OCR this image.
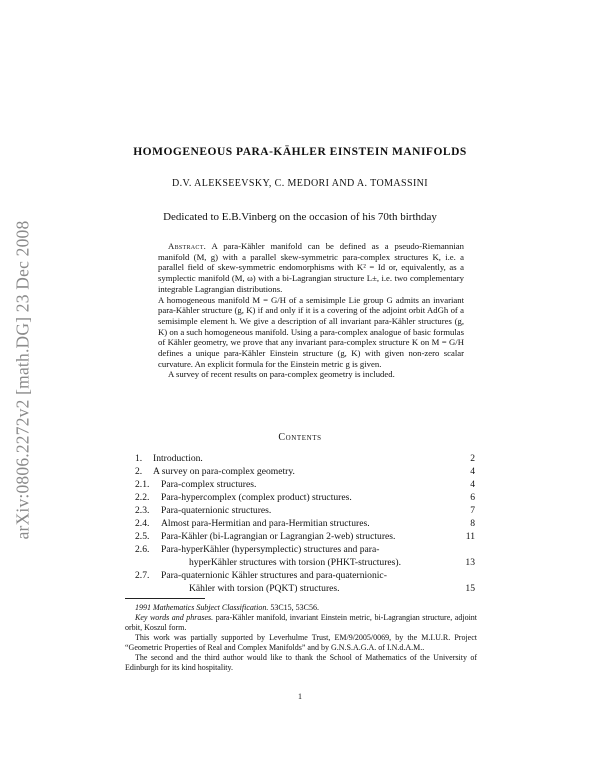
arXiv:0806.2272v2 [math.DG] 23 Dec 2008
HOMOGENEOUS PARA-KÄHLER EINSTEIN MANIFOLDS
D.V. ALEKSEEVSKY, C. MEDORI AND A. TOMASSINI
Dedicated to E.B.Vinberg on the occasion of his 70th birthday

Abstract. A para-Kähler manifold can be defined as a pseudo-Riemannian manifold (M, g) with a parallel skew-symmetric para-complex structures K, i.e. a parallel field of skew-symmetric endomorphisms with K² = Id or, equivalently, as a symplectic manifold (M, ω) with a bi-Lagrangian structure L±, i.e. two complementary integrable Lagrangian distributions.

A homogeneous manifold M = G/H of a semisimple Lie group G admits an invariant para-Kähler structure (g, K) if and only if it is a covering of the adjoint orbit AdGh of a semisimple element h. We give a description of all invariant para-Kähler structures (g, K) on a such homogeneous manifold. Using a para-complex analogue of basic formulas of Kähler geometry, we prove that any invariant para-complex structure K on M = G/H defines a unique para-Kähler Einstein structure (g, K) with given non-zero scalar curvature. An explicit formula for the Einstein metric g is given.

A survey of recent results on para-complex geometry is included.

Contents
1.	Introduction.	2
2.	A survey on para-complex geometry.	4
2.1.	Para-complex structures.	4
2.2.	Para-hypercomplex (complex product) structures.	6
2.3.	Para-quaternionic structures.	7
2.4.	Almost para-Hermitian and para-Hermitian structures.	8
2.5.	Para-Kähler (bi-Lagrangian or Lagrangian 2-web) structures.	11
2.6.	Para-hyperKähler (hypersymplectic) structures and para-
hyperKähler structures with torsion (PHKT-structures).	13
2.7.	Para-quaternionic Kähler structures and para-quaternionic-
Kähler with torsion (PQKT) structures.	15

1991 Mathematics Subject Classification. 53C15, 53C56.

Key words and phrases. para-Kähler manifold, invariant Einstein metric, bi-Lagrangian structure, adjoint orbit, Koszul form.

This work was partially supported by Leverhulme Trust, EM/9/2005/0069, by the M.I.U.R. Project “Geometric Properties of Real and Complex Manifolds” and by G.N.S.A.G.A. of I.N.d.A.M..

The second and the third author would like to thank the School of Mathematics of the University of Edinburgh for its kind hospitality.

1
